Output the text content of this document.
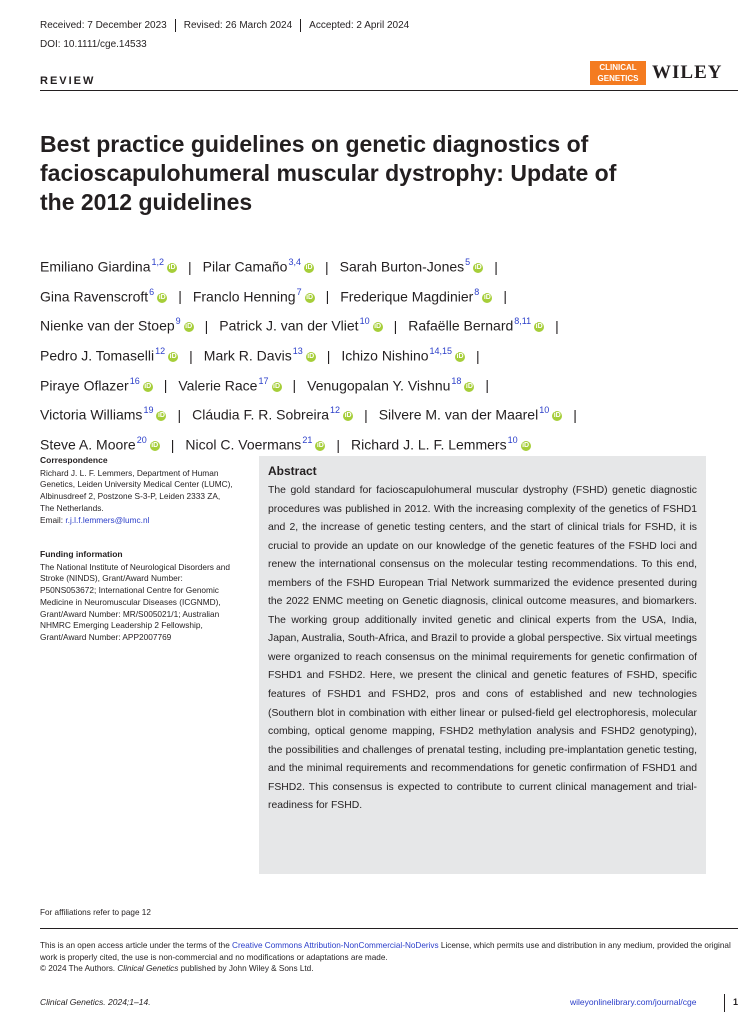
Received: 7 December 2023 Revised: 26 March 2024 Accepted: 2 April 2024
DOI: 10.1111/cge.14533
REVIEW
CLINICAL
GENETICS WILEY
Best practice guidelines on genetic diagnostics of facioscapulohumeral muscular dystrophy: Update of the 2012 guidelines
Emiliano Giardina$^{1,2}$iD | Pilar Camaño$^{3,4}$iD | Sarah Burton-Jones$^5$iD |
Gina Ravenscroft$^6$iD | Franclo Henning$^7$iD | Frederique Magdinier$^8$iD |
Nienke van der Stoep$^9$iD | Patrick J. van der Vliet$^{10}$iD | Rafaëlle Bernard$^{8,11}$iD |
Pedro J. Tomaselli$^{12}$iD | Mark R. Davis$^{13}$iD | Ichizo Nishino$^{14,15}$iD |
Piraye Oflazer$^{16}$iD | Valerie Race$^{17}$iD | Venugopalan Y. Vishnu$^{18}$iD |
Victoria Williams$^{19}$iD | Cláudia F. R. Sobreira$^{12}$iD | Silvere M. van der Maarel$^{10}$iD |
Steve A. Moore$^{20}$iD | Nicol C. Voermans$^{21}$iD | Richard J. L. F. Lemmers$^{10}$iD
Correspondence
Richard J. L. F. Lemmers, Department of Human Genetics, Leiden University Medical Center (LUMC), Albinusdreef 2, Postzone S-3-P, Leiden 2333 ZA, The Netherlands.
Email: r.j.l.f.lemmers@lumc.nl
Funding information
The National Institute of Neurological Disorders and Stroke (NINDS), Grant/Award Number: P50NS053672; International Centre for Genomic Medicine in Neuromuscular Diseases (ICGNMD), Grant/Award Number: MR/S005021/1; Australian NHMRC Emerging Leadership 2 Fellowship, Grant/Award Number: APP2007769
Abstract

The gold standard for facioscapulohumeral muscular dystrophy (FSHD) genetic diagnostic procedures was published in 2012. With the increasing complexity of the genetics of FSHD1 and 2, the increase of genetic testing centers, and the start of clinical trials for FSHD, it is crucial to provide an update on our knowledge of the genetic features of the FSHD loci and renew the international consensus on the molecular testing recommendations. To this end, members of the FSHD European Trial Network summarized the evidence presented during the 2022 ENMC meeting on Genetic diagnosis, clinical outcome measures, and biomarkers. The working group additionally invited genetic and clinical experts from the USA, India, Japan, Australia, South-Africa, and Brazil to provide a global perspective. Six virtual meetings were organized to reach consensus on the minimal requirements for genetic confirmation of FSHD1 and FSHD2. Here, we present the clinical and genetic features of FSHD, specific features of FSHD1 and FSHD2, pros and cons of established and new technologies (Southern blot in combination with either linear or pulsed-field gel electrophoresis, molecular combing, optical genome mapping, FSHD2 methylation analysis and FSHD2 genotyping), the possibilities and challenges of prenatal testing, including pre-implantation genetic testing, and the minimal requirements and recommendations for genetic confirmation of FSHD1 and FSHD2. This consensus is expected to contribute to current clinical management and trial-readiness for FSHD.

For affiliations refer to page 12
This is an open access article under the terms of the Creative Commons Attribution-NonCommercial-NoDerivs License, which permits use and distribution in any medium, provided the original work is properly cited, the use is non-commercial and no modifications or adaptations are made.
© 2024 The Authors. Clinical Genetics published by John Wiley & Sons Ltd.
Clinical Genetics. 2024;1–14.	wileyonlinelibrary.com/journal/cge	1
